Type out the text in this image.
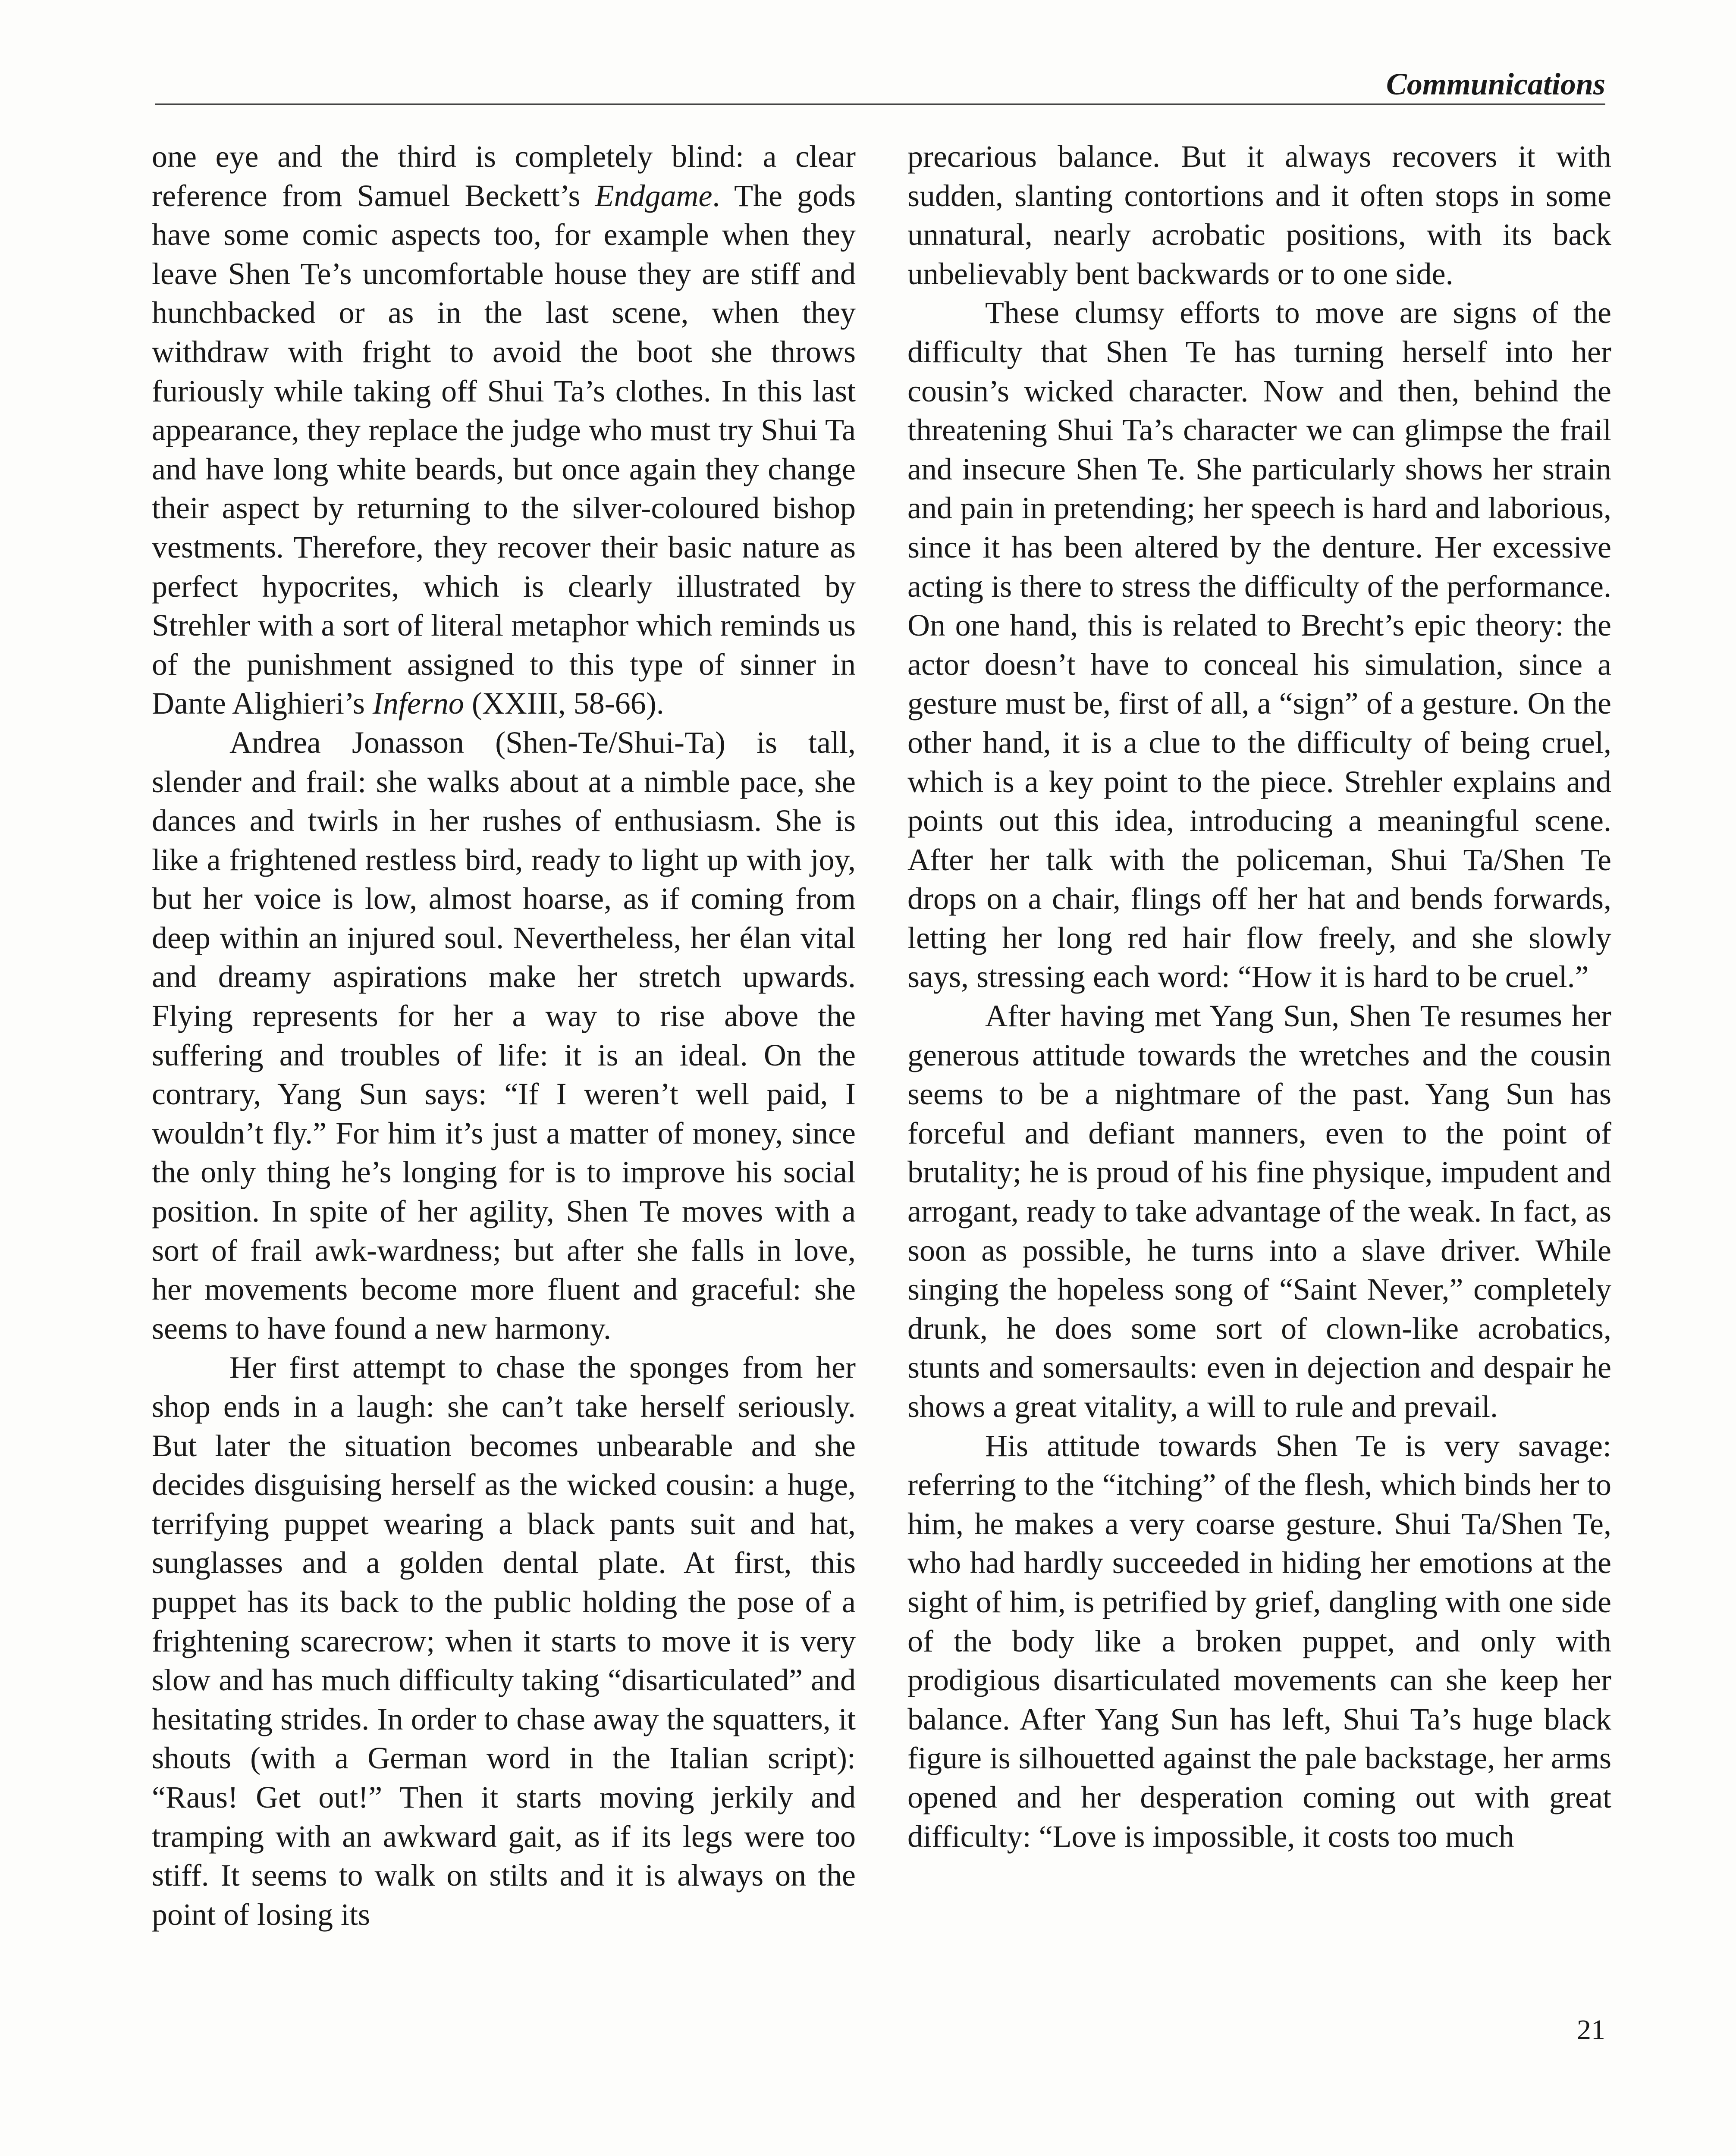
Communications

one eye and the third is completely blind: a clear reference from Samuel Beckett’s Endgame. The gods have some comic aspects too, for example when they leave Shen Te’s uncomfortable house they are stiff and hunchbacked or as in the last scene, when they withdraw with fright to avoid the boot she throws furiously while taking off Shui Ta’s clothes. In this last appearance, they replace the judge who must try Shui Ta and have long white beards, but once again they change their aspect by returning to the silver-coloured bishop vestments. Therefore, they recover their basic nature as perfect hypocrites, which is clearly illustrated by Strehler with a sort of literal metaphor which reminds us of the punishment assigned to this type of sinner in Dante Alighieri’s Inferno (XXIII, 58-66).

Andrea Jonasson (Shen-Te/Shui-Ta) is tall, slender and frail: she walks about at a nimble pace, she dances and twirls in her rushes of enthusiasm. She is like a frightened restless bird, ready to light up with joy, but her voice is low, almost hoarse, as if coming from deep within an injured soul. Nevertheless, her élan vital and dreamy aspirations make her stretch upwards. Flying represents for her a way to rise above the suffering and troubles of life: it is an ideal. On the contrary, Yang Sun says: “If I weren’t well paid, I wouldn’t fly.” For him it’s just a matter of money, since the only thing he’s longing for is to improve his social position. In spite of her agility, Shen Te moves with a sort of frail awk-wardness; but after she falls in love, her movements become more fluent and graceful: she seems to have found a new harmony.

Her first attempt to chase the sponges from her shop ends in a laugh: she can’t take herself seriously. But later the situation becomes unbearable and she decides disguising herself as the wicked cousin: a huge, terrifying puppet wearing a black pants suit and hat, sunglasses and a golden dental plate. At first, this puppet has its back to the public holding the pose of a frightening scarecrow; when it starts to move it is very slow and has much difficulty taking “disarticulated” and hesitating strides. In order to chase away the squatters, it shouts (with a German word in the Italian script): “Raus! Get out!” Then it starts moving jerkily and tramping with an awkward gait, as if its legs were too stiff. It seems to walk on stilts and it is always on the point of losing its

precarious balance. But it always recovers it with sudden, slanting contortions and it often stops in some unnatural, nearly acrobatic positions, with its back unbelievably bent backwards or to one side.

These clumsy efforts to move are signs of the difficulty that Shen Te has turning herself into her cousin’s wicked character. Now and then, behind the threatening Shui Ta’s character we can glimpse the frail and insecure Shen Te. She particularly shows her strain and pain in pretending; her speech is hard and laborious, since it has been altered by the denture. Her excessive acting is there to stress the difficulty of the performance. On one hand, this is related to Brecht’s epic theory: the actor doesn’t have to conceal his simulation, since a gesture must be, first of all, a “sign” of a gesture. On the other hand, it is a clue to the difficulty of being cruel, which is a key point to the piece. Strehler explains and points out this idea, introducing a meaningful scene. After her talk with the policeman, Shui Ta/Shen Te drops on a chair, flings off her hat and bends forwards, letting her long red hair flow freely, and she slowly says, stressing each word: “How it is hard to be cruel.”

After having met Yang Sun, Shen Te resumes her generous attitude towards the wretches and the cousin seems to be a nightmare of the past. Yang Sun has forceful and defiant manners, even to the point of brutality; he is proud of his fine physique, impudent and arrogant, ready to take advantage of the weak. In fact, as soon as possible, he turns into a slave driver. While singing the hopeless song of “Saint Never,” completely drunk, he does some sort of clown-like acrobatics, stunts and somersaults: even in dejection and despair he shows a great vitality, a will to rule and prevail.

His attitude towards Shen Te is very savage: referring to the “itching” of the flesh, which binds her to him, he makes a very coarse gesture. Shui Ta/Shen Te, who had hardly succeeded in hiding her emotions at the sight of him, is petrified by grief, dangling with one side of the body like a broken puppet, and only with prodigious disarticulated movements can she keep her balance. After Yang Sun has left, Shui Ta’s huge black figure is silhouetted against the pale backstage, her arms opened and her desperation coming out with great difficulty: “Love is impossible, it costs too much

21
